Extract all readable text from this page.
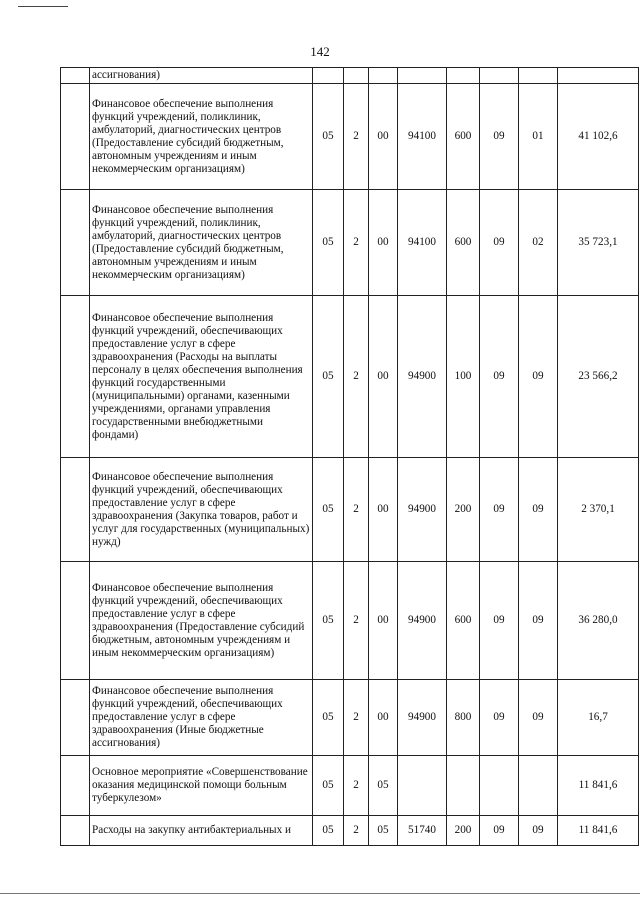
142
	ассигнования)								
	Финансовое обеспечение выполнения функций учреждений, поликлиник, амбулаторий, диагностических центров (Предоставление субсидий бюджетным, автономным учреждениям и иным некоммерческим организациям)	05	2	00	94100	600	09	01	41 102,6
	Финансовое обеспечение выполнения функций учреждений, поликлиник, амбулаторий, диагностических центров (Предоставление субсидий бюджетным, автономным учреждениям и иным некоммерческим организациям)	05	2	00	94100	600	09	02	35 723,1
	Финансовое обеспечение выполнения функций учреждений, обеспечивающих предоставление услуг в сфере здравоохранения (Расходы на выплаты персоналу в целях обеспечения выполнения функций государственными (муниципальными) органами, казенными учреждениями, органами управления государственными внебюджетными фондами)	05	2	00	94900	100	09	09	23 566,2
	Финансовое обеспечение выполнения функций учреждений, обеспечивающих предоставление услуг в сфере здравоохранения (Закупка товаров, работ и услуг для государственных (муниципальных) нужд)	05	2	00	94900	200	09	09	2 370,1
	Финансовое обеспечение выполнения функций учреждений, обеспечивающих предоставление услуг в сфере здравоохранения (Предоставление субсидий бюджетным, автономным учреждениям и иным некоммерческим организациям)	05	2	00	94900	600	09	09	36 280,0
	Финансовое обеспечение выполнения функций учреждений, обеспечивающих предоставление услуг в сфере здравоохранения (Иные бюджетные ассигнования)	05	2	00	94900	800	09	09	16,7
	Основное мероприятие «Совершенствование оказания медицинской помощи больным туберкулезом»	05	2	05					11 841,6
	Расходы на закупку антибактериальных и	05	2	05	51740	200	09	09	11 841,6
